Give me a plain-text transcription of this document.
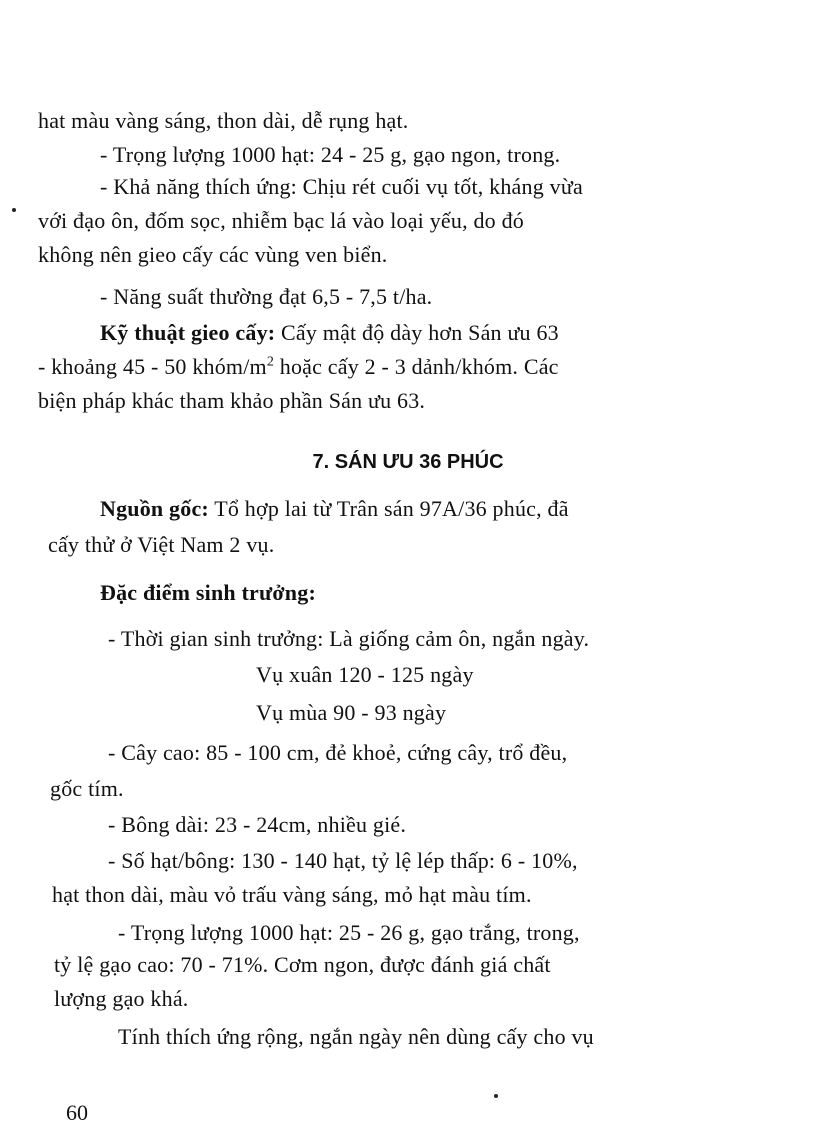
hat màu vàng sáng, thon dài, dễ rụng hạt.
- Trọng lượng 1000 hạt: 24 - 25 g, gạo ngon, trong.
- Khả năng thích ứng: Chịu rét cuối vụ tốt, kháng vừa
với đạo ôn, đốm sọc, nhiễm bạc lá vào loại yếu, do đó
không nên gieo cấy các vùng ven biển.
- Năng suất thường đạt 6,5 - 7,5 t/ha.
Kỹ thuật gieo cấy: Cấy mật độ dày hơn Sán ưu 63
- khoảng 45 - 50 khóm/$m^2$ hoặc cấy 2 - 3 dảnh/khóm. Các
biện pháp khác tham khảo phần Sán ưu 63.
7. SÁN ƯU 36 PHÚC
Nguồn gốc: Tổ hợp lai từ Trân sán 97A/36 phúc, đã
cấy thử ở Việt Nam 2 vụ.
Đặc điểm sinh trưởng:
- Thời gian sinh trưởng: Là giống cảm ôn, ngắn ngày.
Vụ xuân 120 - 125 ngày
Vụ mùa 90 - 93 ngày
- Cây cao: 85 - 100 cm, đẻ khoẻ, cứng cây, trổ đều,
gốc tím.
- Bông dài: 23 - 24cm, nhiều gié.
- Số hạt/bông: 130 - 140 hạt, tỷ lệ lép thấp: 6 - 10%,
hạt thon dài, màu vỏ trấu vàng sáng, mỏ hạt màu tím.
- Trọng lượng 1000 hạt: 25 - 26 g, gạo trắng, trong,
tỷ lệ gạo cao: 70 - 71%. Cơm ngon, được đánh giá chất
lượng gạo khá.
Tính thích ứng rộng, ngắn ngày nên dùng cấy cho vụ
60
